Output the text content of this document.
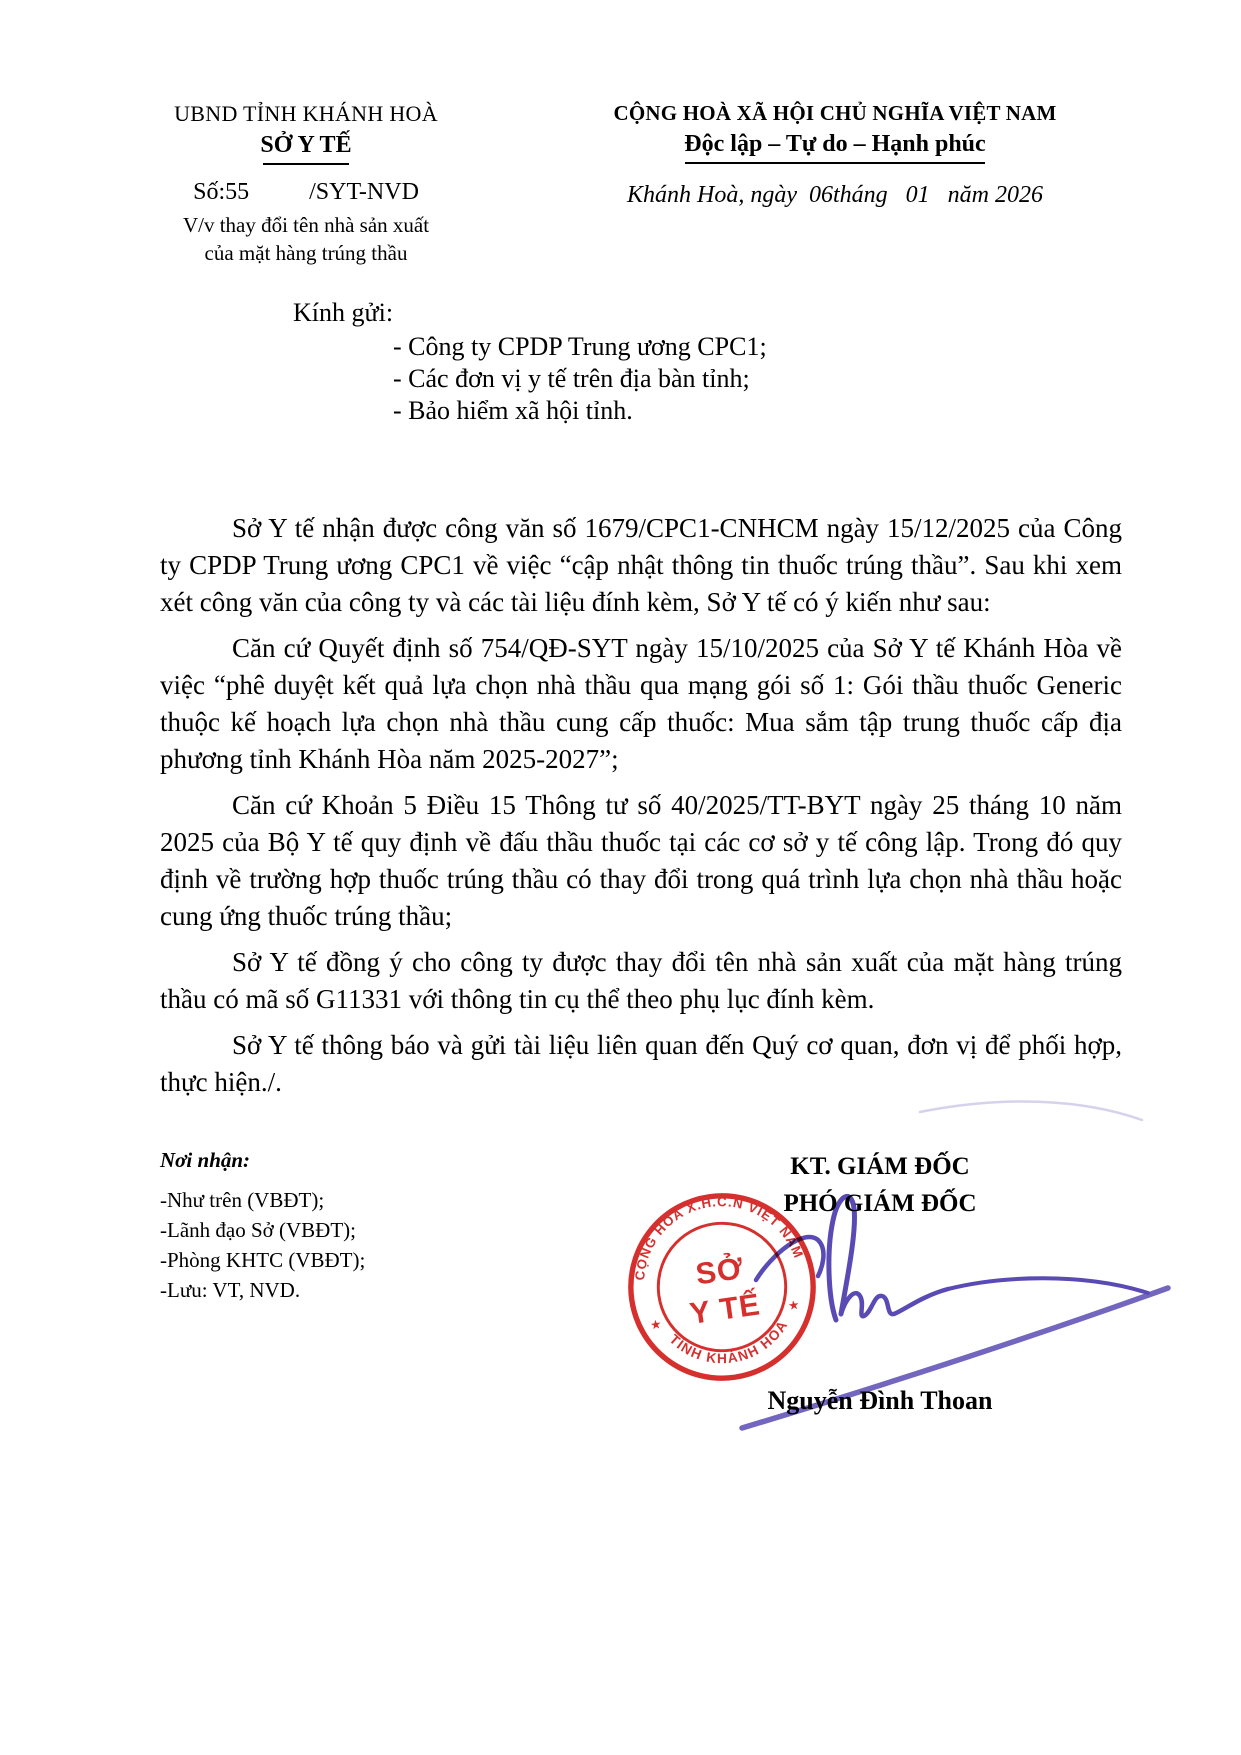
UBND TỈNH KHÁNH HOÀ
SỞ Y TẾ
Số:55          /SYT-NVD
V/v thay đổi tên nhà sản xuất
của mặt hàng trúng thầu
CỘNG HOÀ XÃ HỘI CHỦ NGHĨA VIỆT NAM
Độc lập – Tự do – Hạnh phúc
Khánh Hoà, ngày  06tháng   01   năm 2026
Kính gửi:
- Công ty CPDP Trung ương CPC1;
- Các đơn vị y tế trên địa bàn tỉnh;
- Bảo hiểm xã hội tỉnh.

Sở Y tế nhận được công văn số 1679/CPC1-CNHCM ngày 15/12/2025 của Công ty CPDP Trung ương CPC1 về việc “cập nhật thông tin thuốc trúng thầu”. Sau khi xem xét công văn của công ty và các tài liệu đính kèm, Sở Y tế có ý kiến như sau:

Căn cứ Quyết định số 754/QĐ-SYT ngày 15/10/2025 của Sở Y tế Khánh Hòa về việc “phê duyệt kết quả lựa chọn nhà thầu qua mạng gói số 1: Gói thầu thuốc Generic thuộc kế hoạch lựa chọn nhà thầu cung cấp thuốc: Mua sắm tập trung thuốc cấp địa phương tỉnh Khánh Hòa năm 2025-2027”;

Căn cứ Khoản 5 Điều 15 Thông tư số 40/2025/TT-BYT ngày 25 tháng 10 năm 2025 của Bộ Y tế quy định về đấu thầu thuốc tại các cơ sở y tế công lập. Trong đó quy định về trường hợp thuốc trúng thầu có thay đổi trong quá trình lựa chọn nhà thầu hoặc cung ứng thuốc trúng thầu;

Sở Y tế đồng ý cho công ty được thay đổi tên nhà sản xuất của mặt hàng trúng thầu có mã số G11331 với thông tin cụ thể theo phụ lục đính kèm.

Sở Y tế thông báo và gửi tài liệu liên quan đến Quý cơ quan, đơn vị để phối hợp, thực hiện./.

Nơi nhận:
-Như trên (VBĐT);
-Lãnh đạo Sở (VBĐT);
-Phòng KHTC (VBĐT);
-Lưu: VT, NVD.
KT. GIÁM ĐỐC
PHÓ GIÁM ĐỐC
Nguyễn Đình Thoan
CỘNG HÒA X.H.C.N VIỆT NAM
TỈNH KHÁNH HÒA
★
★
SỞ
Y TẾ
